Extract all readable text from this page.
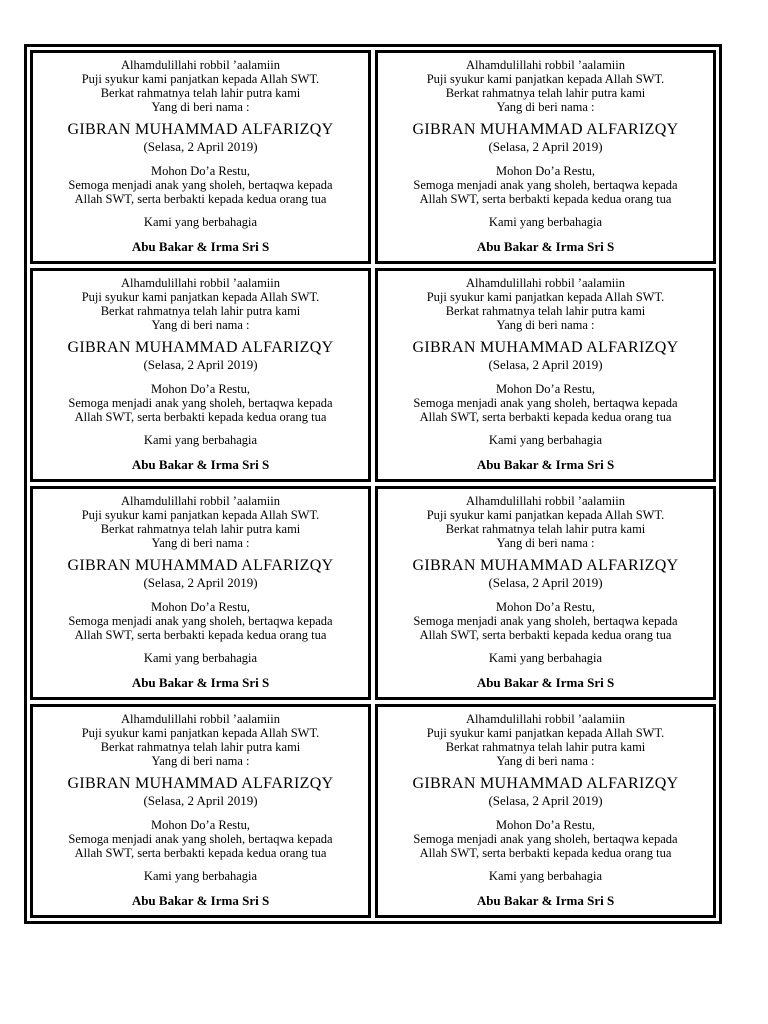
Alhamdulillahi robbil ’aalamiin
Puji syukur kami panjatkan kepada Allah SWT.
Berkat rahmatnya telah lahir putra kami
Yang di beri nama :
GIBRAN MUHAMMAD ALFARIZQY
(Selasa, 2 April 2019)
Mohon Do’a Restu,
Semoga menjadi anak yang sholeh, bertaqwa kepada
Allah SWT, serta berbakti kepada kedua orang tua
Kami yang berbahagia
Abu Bakar & Irma Sri S
Alhamdulillahi robbil ’aalamiin
Puji syukur kami panjatkan kepada Allah SWT.
Berkat rahmatnya telah lahir putra kami
Yang di beri nama :
GIBRAN MUHAMMAD ALFARIZQY
(Selasa, 2 April 2019)
Mohon Do’a Restu,
Semoga menjadi anak yang sholeh, bertaqwa kepada
Allah SWT, serta berbakti kepada kedua orang tua
Kami yang berbahagia
Abu Bakar & Irma Sri S
Alhamdulillahi robbil ’aalamiin
Puji syukur kami panjatkan kepada Allah SWT.
Berkat rahmatnya telah lahir putra kami
Yang di beri nama :
GIBRAN MUHAMMAD ALFARIZQY
(Selasa, 2 April 2019)
Mohon Do’a Restu,
Semoga menjadi anak yang sholeh, bertaqwa kepada
Allah SWT, serta berbakti kepada kedua orang tua
Kami yang berbahagia
Abu Bakar & Irma Sri S
Alhamdulillahi robbil ’aalamiin
Puji syukur kami panjatkan kepada Allah SWT.
Berkat rahmatnya telah lahir putra kami
Yang di beri nama :
GIBRAN MUHAMMAD ALFARIZQY
(Selasa, 2 April 2019)
Mohon Do’a Restu,
Semoga menjadi anak yang sholeh, bertaqwa kepada
Allah SWT, serta berbakti kepada kedua orang tua
Kami yang berbahagia
Abu Bakar & Irma Sri S
Alhamdulillahi robbil ’aalamiin
Puji syukur kami panjatkan kepada Allah SWT.
Berkat rahmatnya telah lahir putra kami
Yang di beri nama :
GIBRAN MUHAMMAD ALFARIZQY
(Selasa, 2 April 2019)
Mohon Do’a Restu,
Semoga menjadi anak yang sholeh, bertaqwa kepada
Allah SWT, serta berbakti kepada kedua orang tua
Kami yang berbahagia
Abu Bakar & Irma Sri S
Alhamdulillahi robbil ’aalamiin
Puji syukur kami panjatkan kepada Allah SWT.
Berkat rahmatnya telah lahir putra kami
Yang di beri nama :
GIBRAN MUHAMMAD ALFARIZQY
(Selasa, 2 April 2019)
Mohon Do’a Restu,
Semoga menjadi anak yang sholeh, bertaqwa kepada
Allah SWT, serta berbakti kepada kedua orang tua
Kami yang berbahagia
Abu Bakar & Irma Sri S
Alhamdulillahi robbil ’aalamiin
Puji syukur kami panjatkan kepada Allah SWT.
Berkat rahmatnya telah lahir putra kami
Yang di beri nama :
GIBRAN MUHAMMAD ALFARIZQY
(Selasa, 2 April 2019)
Mohon Do’a Restu,
Semoga menjadi anak yang sholeh, bertaqwa kepada
Allah SWT, serta berbakti kepada kedua orang tua
Kami yang berbahagia
Abu Bakar & Irma Sri S
Alhamdulillahi robbil ’aalamiin
Puji syukur kami panjatkan kepada Allah SWT.
Berkat rahmatnya telah lahir putra kami
Yang di beri nama :
GIBRAN MUHAMMAD ALFARIZQY
(Selasa, 2 April 2019)
Mohon Do’a Restu,
Semoga menjadi anak yang sholeh, bertaqwa kepada
Allah SWT, serta berbakti kepada kedua orang tua
Kami yang berbahagia
Abu Bakar & Irma Sri S
